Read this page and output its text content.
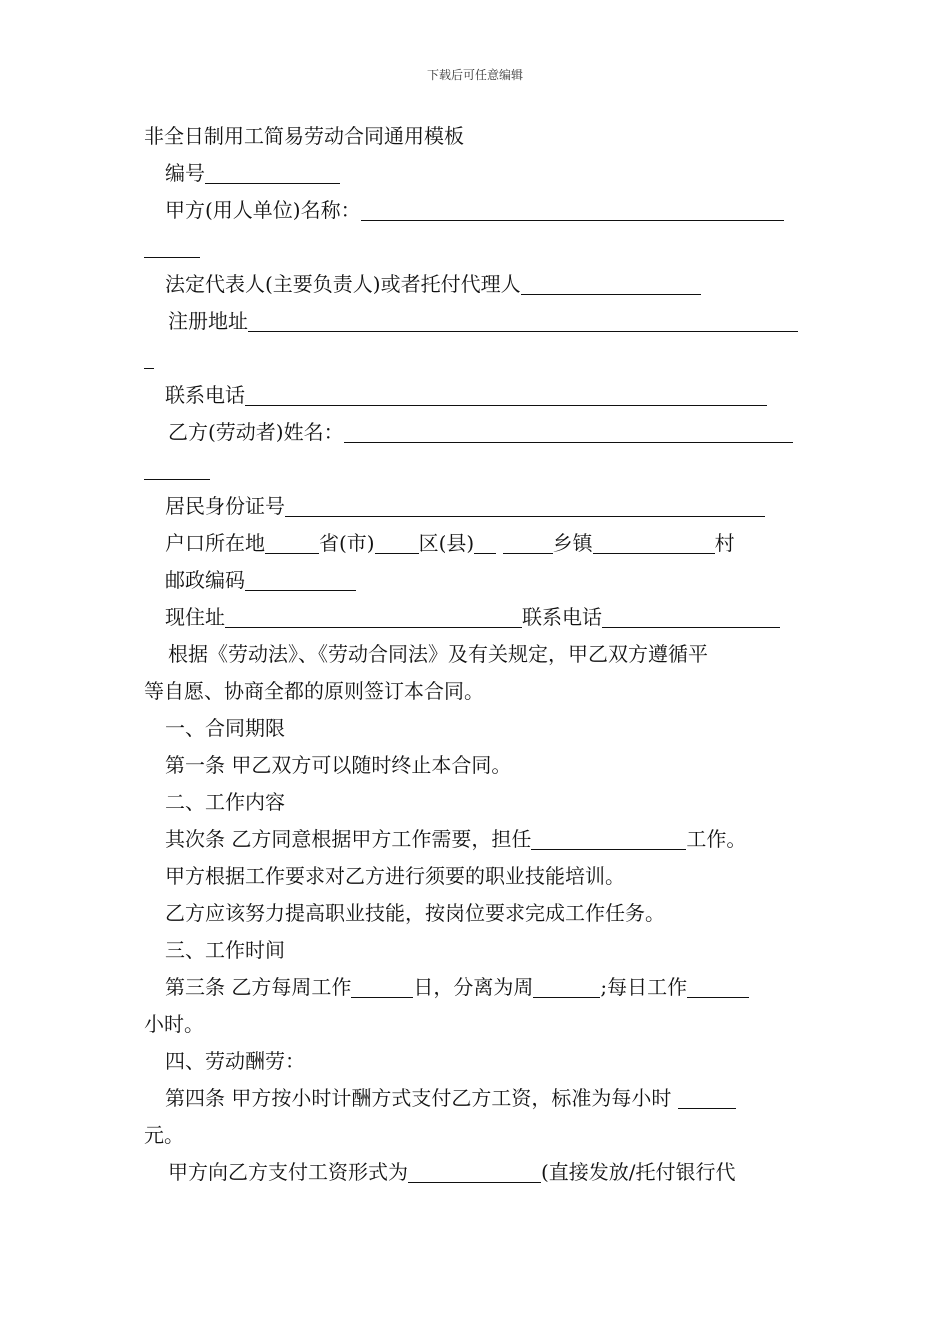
下载后可任意编辑
非全日制用工简易劳动合同通用模板
编号
甲方(用人单位)名称：
法定代表人(主要负责人)或者托付代理人
注册地址
联系电话
乙方(劳动者)姓名：
居民身份证号
户口所在地	省(市) 区(县)	乡镇	村
邮政编码
现住址	联系电话
根据《劳动法》、《劳动合同法》及有关规定，甲乙双方遵循平
等自愿、协商全都的原则签订本合同。
一、合同期限
第一条 甲乙双方可以随时终止本合同。
二、工作内容
其次条 乙方同意根据甲方工作需要，担任	工作。
甲方根据工作要求对乙方进行须要的职业技能培训。
乙方应该努力提高职业技能，按岗位要求完成工作任务。
三、工作时间
第三条 乙方每周工作	日，分离为周	;每日工作
小时。
四、劳动酬劳：
第四条 甲方按小时计酬方式支付乙方工资，标准为每小时
元。
甲方向乙方支付工资形式为	(直接发放/托付银行代
